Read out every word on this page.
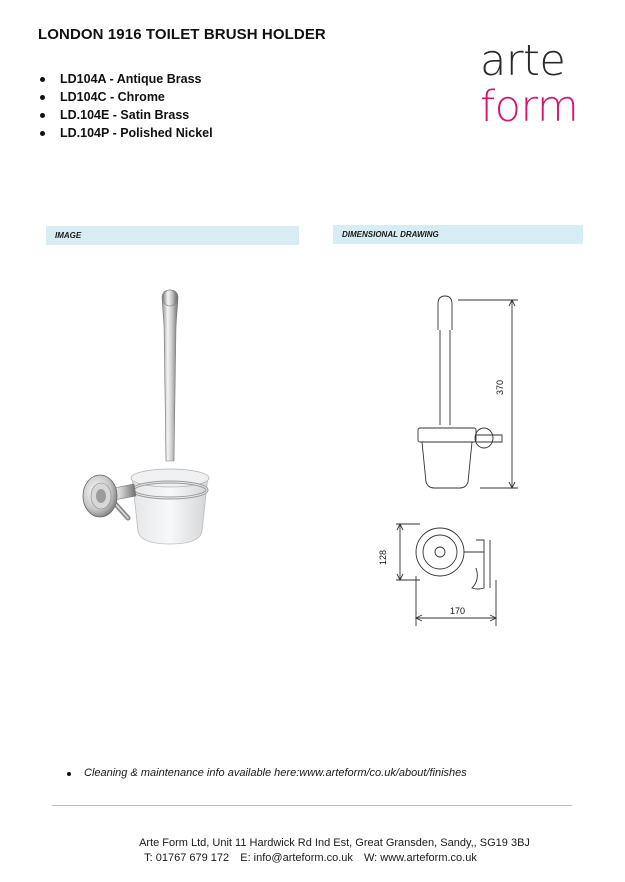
LONDON 1916 TOILET BRUSH HOLDER
LD104A - Antique Brass
LD104C - Chrome
LD.104E - Satin Brass
LD.104P - Polished Nickel
arte
form
IMAGE	DIMENSIONAL DRAWING
370
128
170
Cleaning & maintenance info available here:www.arteform/co.uk/about/finishes
Arte Form Ltd, Unit 11 Hardwick Rd Ind Est, Great Gransden, Sandy,, SG19 3BJ
T: 01767 679 172 E: info@arteform.co.uk W: www.arteform.co.uk
